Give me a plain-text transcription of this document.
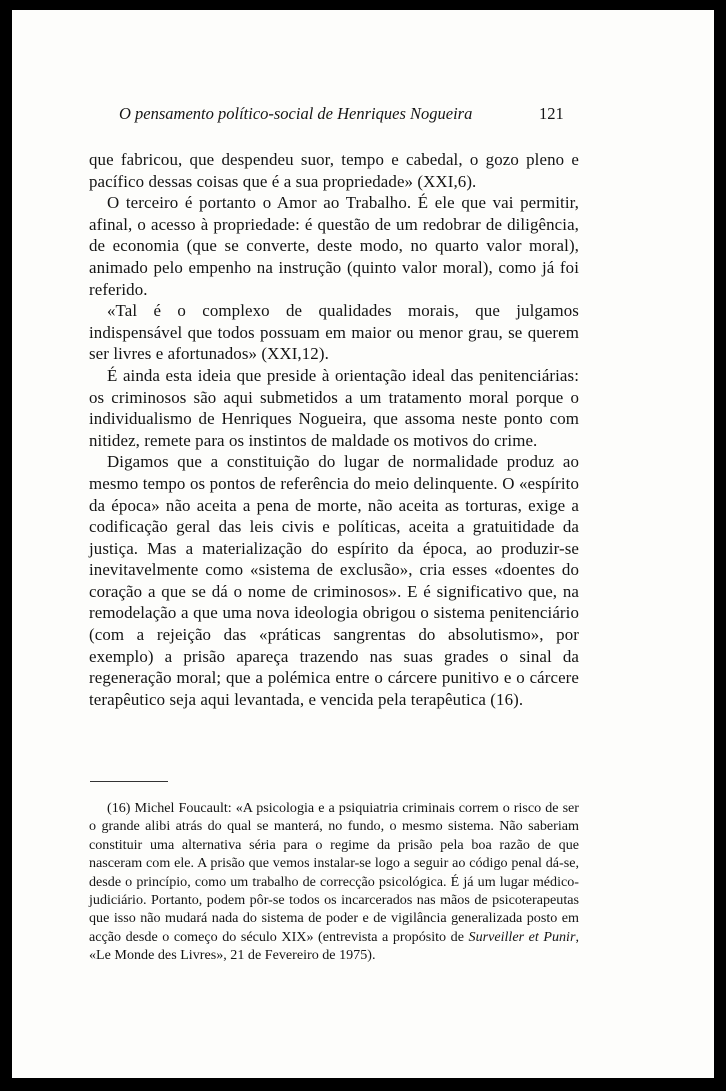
O pensamento político-social de Henriques Nogueira	121

que fabricou, que despendeu suor, tempo e cabedal, o gozo pleno e pacífico dessas coisas que é a sua propriedade» (XXI,6).

O terceiro é portanto o Amor ao Trabalho. É ele que vai permitir, afinal, o acesso à propriedade: é questão de um redobrar de diligência, de economia (que se converte, deste modo, no quarto valor moral), animado pelo empenho na instrução (quinto valor moral), como já foi referido.

«Tal é o complexo de qualidades morais, que julgamos indispensável que todos possuam em maior ou menor grau, se querem ser livres e afortunados» (XXI,12).

É ainda esta ideia que preside à orientação ideal das penitenciárias: os criminosos são aqui submetidos a um tratamento moral porque o individualismo de Henriques Nogueira, que assoma neste ponto com nitidez, remete para os instintos de maldade os motivos do crime.

Digamos que a constituição do lugar de normalidade produz ao mesmo tempo os pontos de referência do meio delinquente. O «espírito da época» não aceita a pena de morte, não aceita as torturas, exige a codificação geral das leis civis e políticas, aceita a gratuitidade da justiça. Mas a materialização do espírito da época, ao produzir-se inevitavelmente como «sistema de exclusão», cria esses «doentes do coração a que se dá o nome de criminosos». E é significativo que, na remodelação a que uma nova ideologia obrigou o sistema penitenciário (com a rejeição das «práticas sangrentas do absolutismo», por exemplo) a prisão apareça trazendo nas suas grades o sinal da regeneração moral; que a polémica entre o cárcere punitivo e o cárcere terapêutico seja aqui levantada, e vencida pela terapêutica (16).

(16) Michel Foucault: «A psicologia e a psiquiatria criminais correm o risco de ser o grande alibi atrás do qual se manterá, no fundo, o mesmo sistema. Não saberiam constituir uma alternativa séria para o regime da prisão pela boa razão de que nasceram com ele. A prisão que vemos instalar-se logo a seguir ao código penal dá-se, desde o princípio, como um trabalho de correcção psicológica. É já um lugar médico-judiciário. Portanto, podem pôr-se todos os incarcerados nas mãos de psicoterapeutas que isso não mudará nada do sistema de poder e de vigilância generalizada posto em acção desde o começo do século XIX» (entrevista a propósito de Surveiller et Punir, «Le Monde des Livres», 21 de Fevereiro de 1975).
